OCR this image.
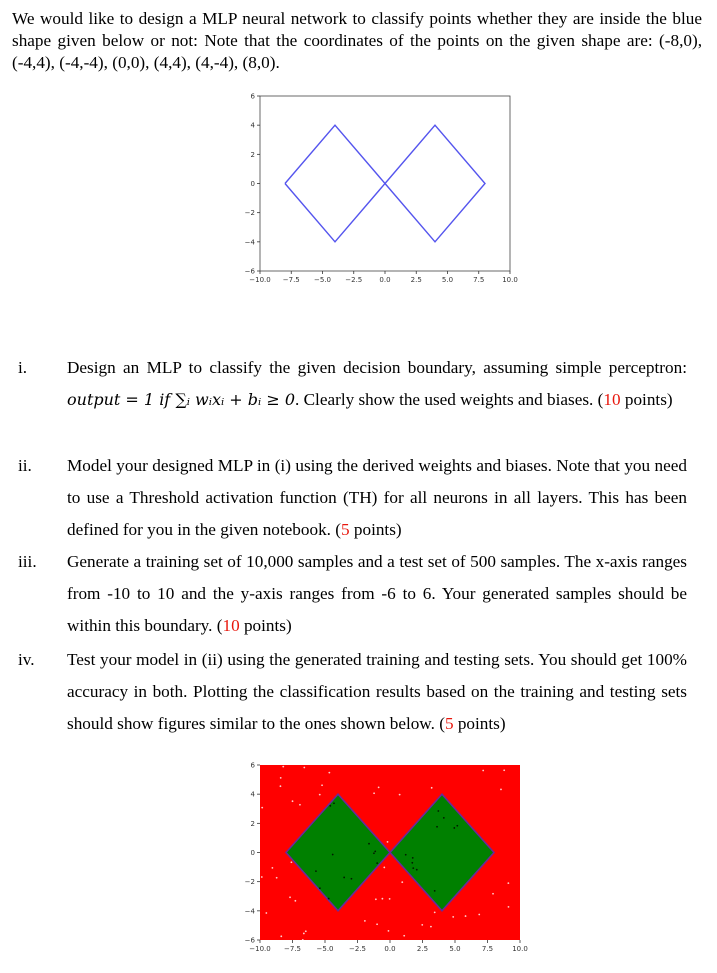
We would like to design a MLP neural network to classify points whether they are inside the blue shape given below or not: Note that the coordinates of the points on the given shape are: (-8,0), (-4,4), (-4,-4), (0,0), (4,4), (4,-4), (8,0).
−10.0 −7.5 −5.0 −2.5 0.0	2.5	5.0	7.5	10.0
6
4
2
0
−2
−4
−6
i.	Design an MLP to classify the given decision boundary, assuming simple perceptron: output = 1 if ∑ᵢ wᵢxᵢ + bᵢ ≥ 0. Clearly show the used weights and biases. (10 points)
ii.	Model your designed MLP in (i) using the derived weights and biases. Note that you need to use a Threshold activation function (TH) for all neurons in all layers. This has been defined for you in the given notebook. (5 points)
iii.	Generate a training set of 10,000 samples and a test set of 500 samples. The x-axis ranges from -10 to 10 and the y-axis ranges from -6 to 6. Your generated samples should be within this boundary. (10 points)
iv.	Test your model in (ii) using the generated training and testing sets. You should get 100% accuracy in both. Plotting the classification results based on the training and testing sets should show figures similar to the ones shown below. (5 points)
−10.0 −7.5 −5.0 −2.5	0.0	2.5	5.0	7.5	10.0
6
4
2
0
−2
−4
−6
